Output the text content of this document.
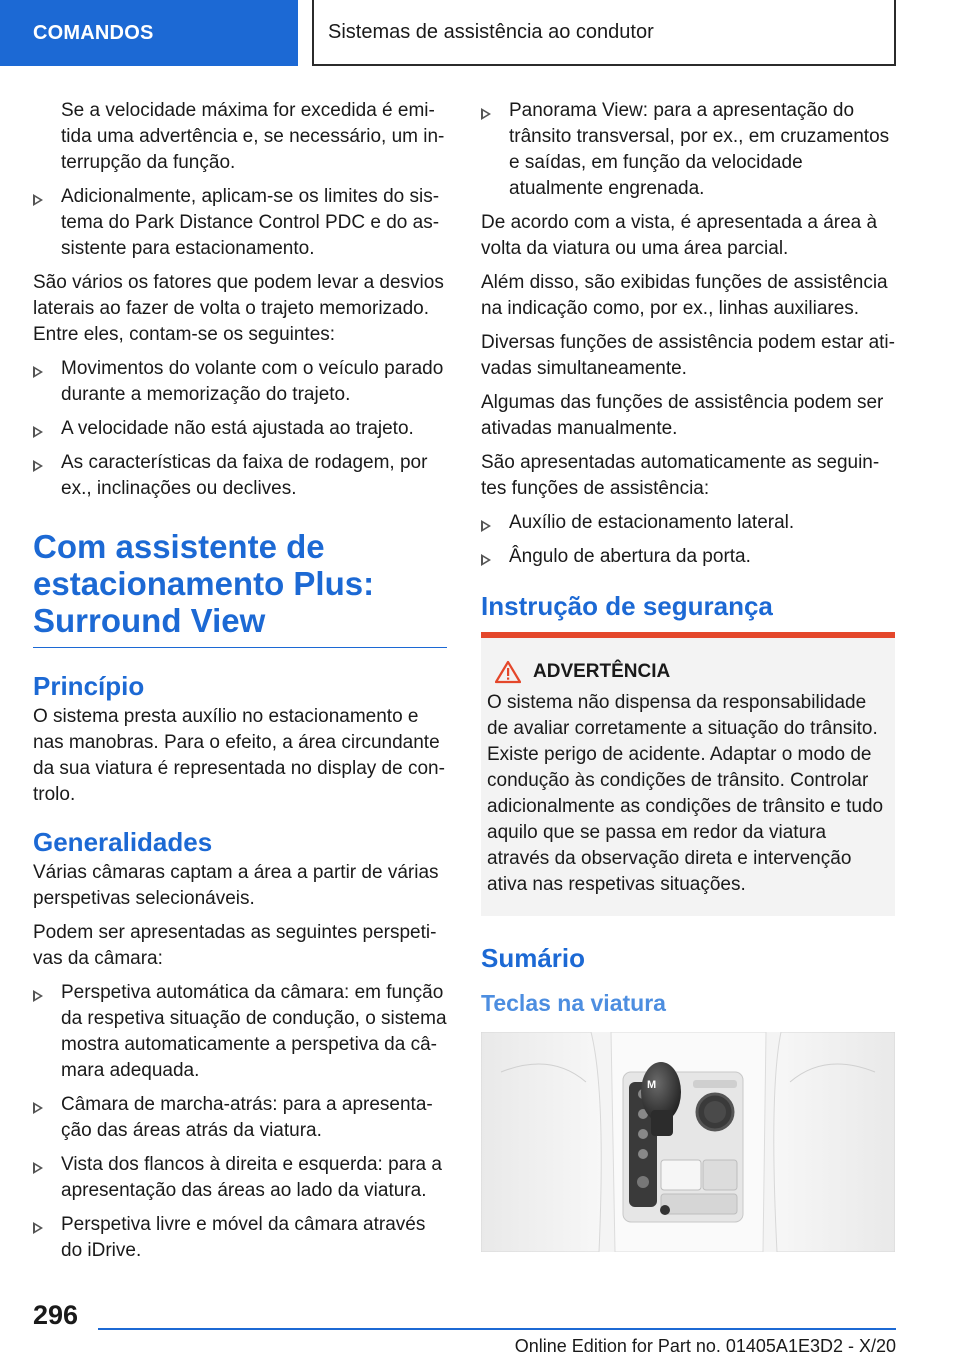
COMANDOS	Sistemas de assistência ao condutor

Se a velocidade máxima for excedida é emitida uma advertência e, se necessário, um interrupção da função.

Adicionalmente, aplicam-se os limites do sistema do Park Distance Control PDC e do assistente para estacionamento.

São vários os fatores que podem levar a desvios laterais ao fazer de volta o trajeto memorizado. Entre eles, contam-se os seguintes:

Movimentos do volante com o veículo parado durante a memorização do trajeto.
A velocidade não está ajustada ao trajeto.
As características da faixa de rodagem, por ex., inclinações ou declives.
Com assistente de estacionamento Plus: Surround View
Princípio

O sistema presta auxílio no estacionamento e nas manobras. Para o efeito, a área circundante da sua viatura é representada no display de controlo.

Generalidades

Várias câmaras captam a área a partir de várias perspetivas selecionáveis.

Podem ser apresentadas as seguintes perspetivas da câmara:

Perspetiva automática da câmara: em função da respetiva situação de condução, o sistema mostra automaticamente a perspetiva da câmara adequada.
Câmara de marcha-atrás: para a apresentação das áreas atrás da viatura.
Vista dos flancos à direita e esquerda: para a apresentação das áreas ao lado da viatura.
Perspetiva livre e móvel da câmara através do iDrive.
Panorama View: para a apresentação do trânsito transversal, por ex., em cruzamentos e saídas, em função da velocidade atualmente engrenada.

De acordo com a vista, é apresentada a área à volta da viatura ou uma área parcial.

Além disso, são exibidas funções de assistência na indicação como, por ex., linhas auxiliares.

Diversas funções de assistência podem estar ativadas simultaneamente.

Algumas das funções de assistência podem ser ativadas manualmente.

São apresentadas automaticamente as seguintes funções de assistência:

Auxílio de estacionamento lateral.
Ângulo de abertura da porta.
Instrução de segurança
ADVERTÊNCIA

O sistema não dispensa da responsabilidade de avaliar corretamente a situação do trânsito. Existe perigo de acidente. Adaptar o modo de condução às condições de trânsito. Controlar adicionalmente as condições de trânsito e tudo aquilo que se passa em redor da viatura através da observação direta e intervenção ativa nas respetivas situações.

Sumário
Teclas na viatura
M
296
Online Edition for Part no. 01405A1E3D2 - X/20
